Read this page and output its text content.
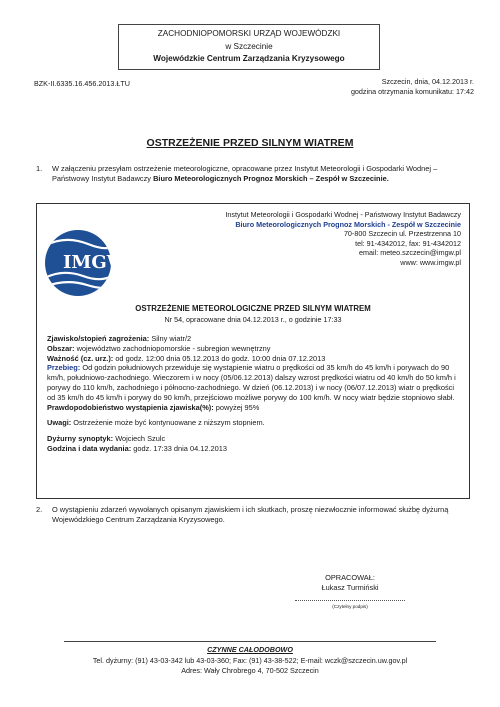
ZACHODNIOPOMORSKI URZĄD WOJEWÓDZKI
w Szczecinie
Wojewódzkie Centrum Zarządzania Kryzysowego
BZK-II.6335.16.456.2013.ŁTU	Szczecin, dnia, 04.12.2013 r.
godzina otrzymania komunikatu: 17:42
OSTRZEŻENIE PRZED SILNYM WIATREM
1. W załączeniu przesyłam ostrzeżenie meteorologiczne, opracowane przez Instytut Meteorologii i Gospodarki Wodnej – Państwowy Instytut Badawczy Biuro Meteorologicznych Prognoz Morskich – Zespół w Szczecinie.
IMGW
Instytut Meteorologii i Gospodarki Wodnej - Państwowy Instytut Badawczy
Biuro Meteorologicznych Prognoz Morskich - Zespół w Szczecinie
70-800 Szczecin ul. Przestrzenna 10
tel: 91-4342012, fax: 91-4342012
email: meteo.szczecin@imgw.pl
www: www.imgw.pl
OSTRZEŻENIE METEOROLOGICZNE PRZED SILNYM WIATREM
Nr 54, opracowane dnia 04.12.2013 r., o godzinie 17:33
Zjawisko/stopień zagrożenia: Silny wiatr/2
Obszar: województwo zachodniopomorskie - subregion wewnętrzny
Ważność (cz. urz.): od godz. 12:00 dnia 05.12.2013 do godz. 10:00 dnia 07.12.2013
Przebieg: Od godzin południowych przewiduje się wystąpienie wiatru o prędkości od 35 km/h do 45 km/h i porywach do 90 km/h, południowo-zachodniego. Wieczorem i w nocy (05/06.12.2013) dalszy wzrost prędkości wiatru od 40 km/h do 50 km/h i porywy do 110 km/h, zachodniego i północno-zachodniego. W dzień (06.12.2013) i w nocy (06/07.12.2013) wiatr o prędkości od 35 km/h do 45 km/h i porywy do 90 km/h, przejściowo możliwe porywy do 100 km/h. W nocy wiatr będzie stopniowo słabł.
Prawdopodobieństwo wystąpienia zjawiska(%): powyżej 95%
Uwagi: Ostrzeżenie może być kontynuowane z niższym stopniem.
Dyżurny synoptyk: Wojciech Szulc
Godzina i data wydania: godz. 17:33 dnia 04.12.2013
2. O wystąpieniu zdarzeń wywołanych opisanym zjawiskiem i ich skutkach, proszę niezwłocznie informować służbę dyżurną Wojewódzkiego Centrum Zarządzania Kryzysowego.
OPRACOWAŁ:
Łukasz Turmiński
(Czytelny podpis)
CZYNNE CAŁODOBOWO
Tel. dyżurny: (91) 43-03-342 lub 43-03-360; Fax: (91) 43-38-522; E-mail: wczk@szczecin.uw.gov.pl
Adres: Wały Chrobrego 4, 70-502 Szczecin
